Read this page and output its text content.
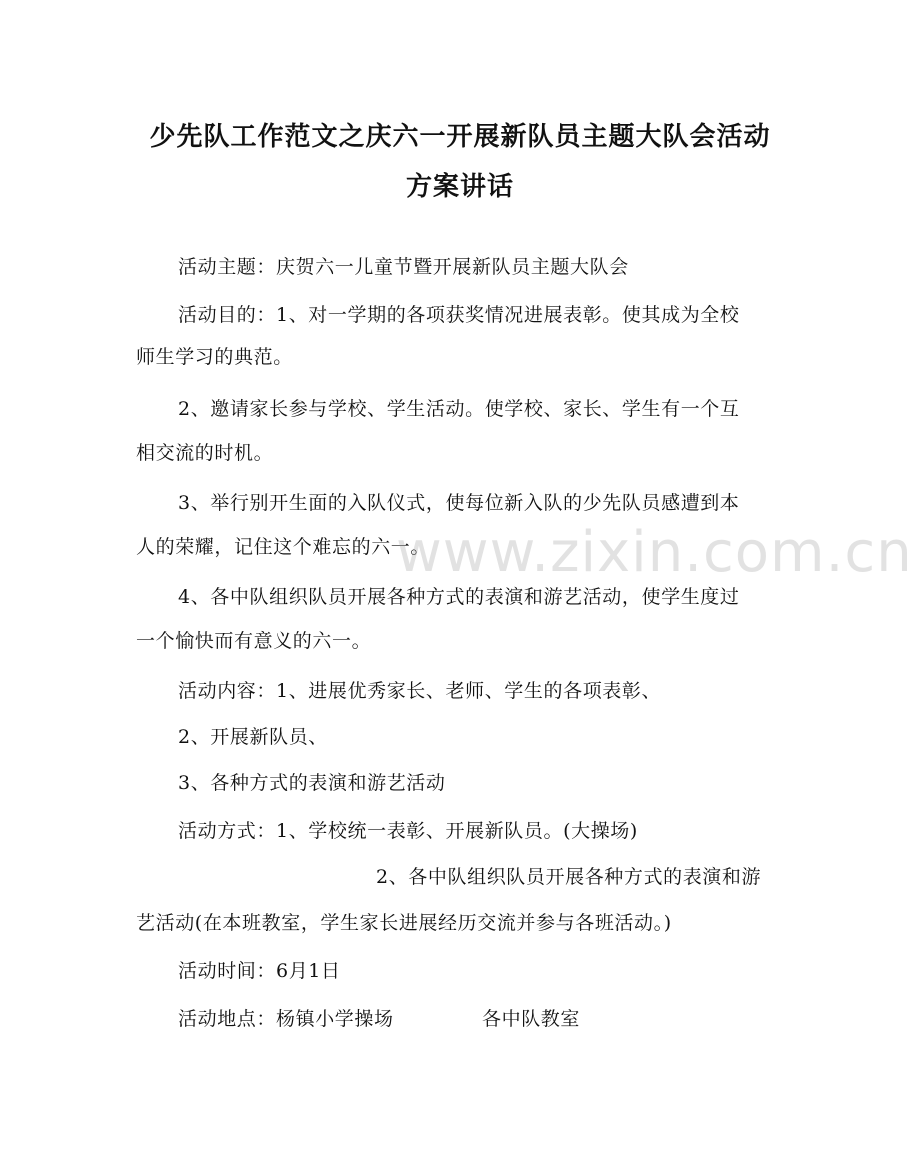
少先队工作范文之庆六一开展新队员主题大队会活动
方案讲话
活动主题：庆贺六一儿童节暨开展新队员主题大队会
活动目的：1、对一学期的各项获奖情况进展表彰。使其成为全校
师生学习的典范。
2、邀请家长参与学校、学生活动。使学校、家长、学生有一个互
相交流的时机。
3、举行别开生面的入队仪式，使每位新入队的少先队员感遭到本
人的荣耀，记住这个难忘的六一。
4、各中队组织队员开展各种方式的表演和游艺活动，使学生度过
一个愉快而有意义的六一。
活动内容：1、进展优秀家长、老师、学生的各项表彰、
2、开展新队员、
3、各种方式的表演和游艺活动
活动方式：1、学校统一表彰、开展新队员。(大操场)
2、各中队组织队员开展各种方式的表演和游
艺活动(在本班教室，学生家长进展经历交流并参与各班活动。)
活动时间：6月1日
活动地点：杨镇小学操场	各中队教室
www.zixin.com.cn
